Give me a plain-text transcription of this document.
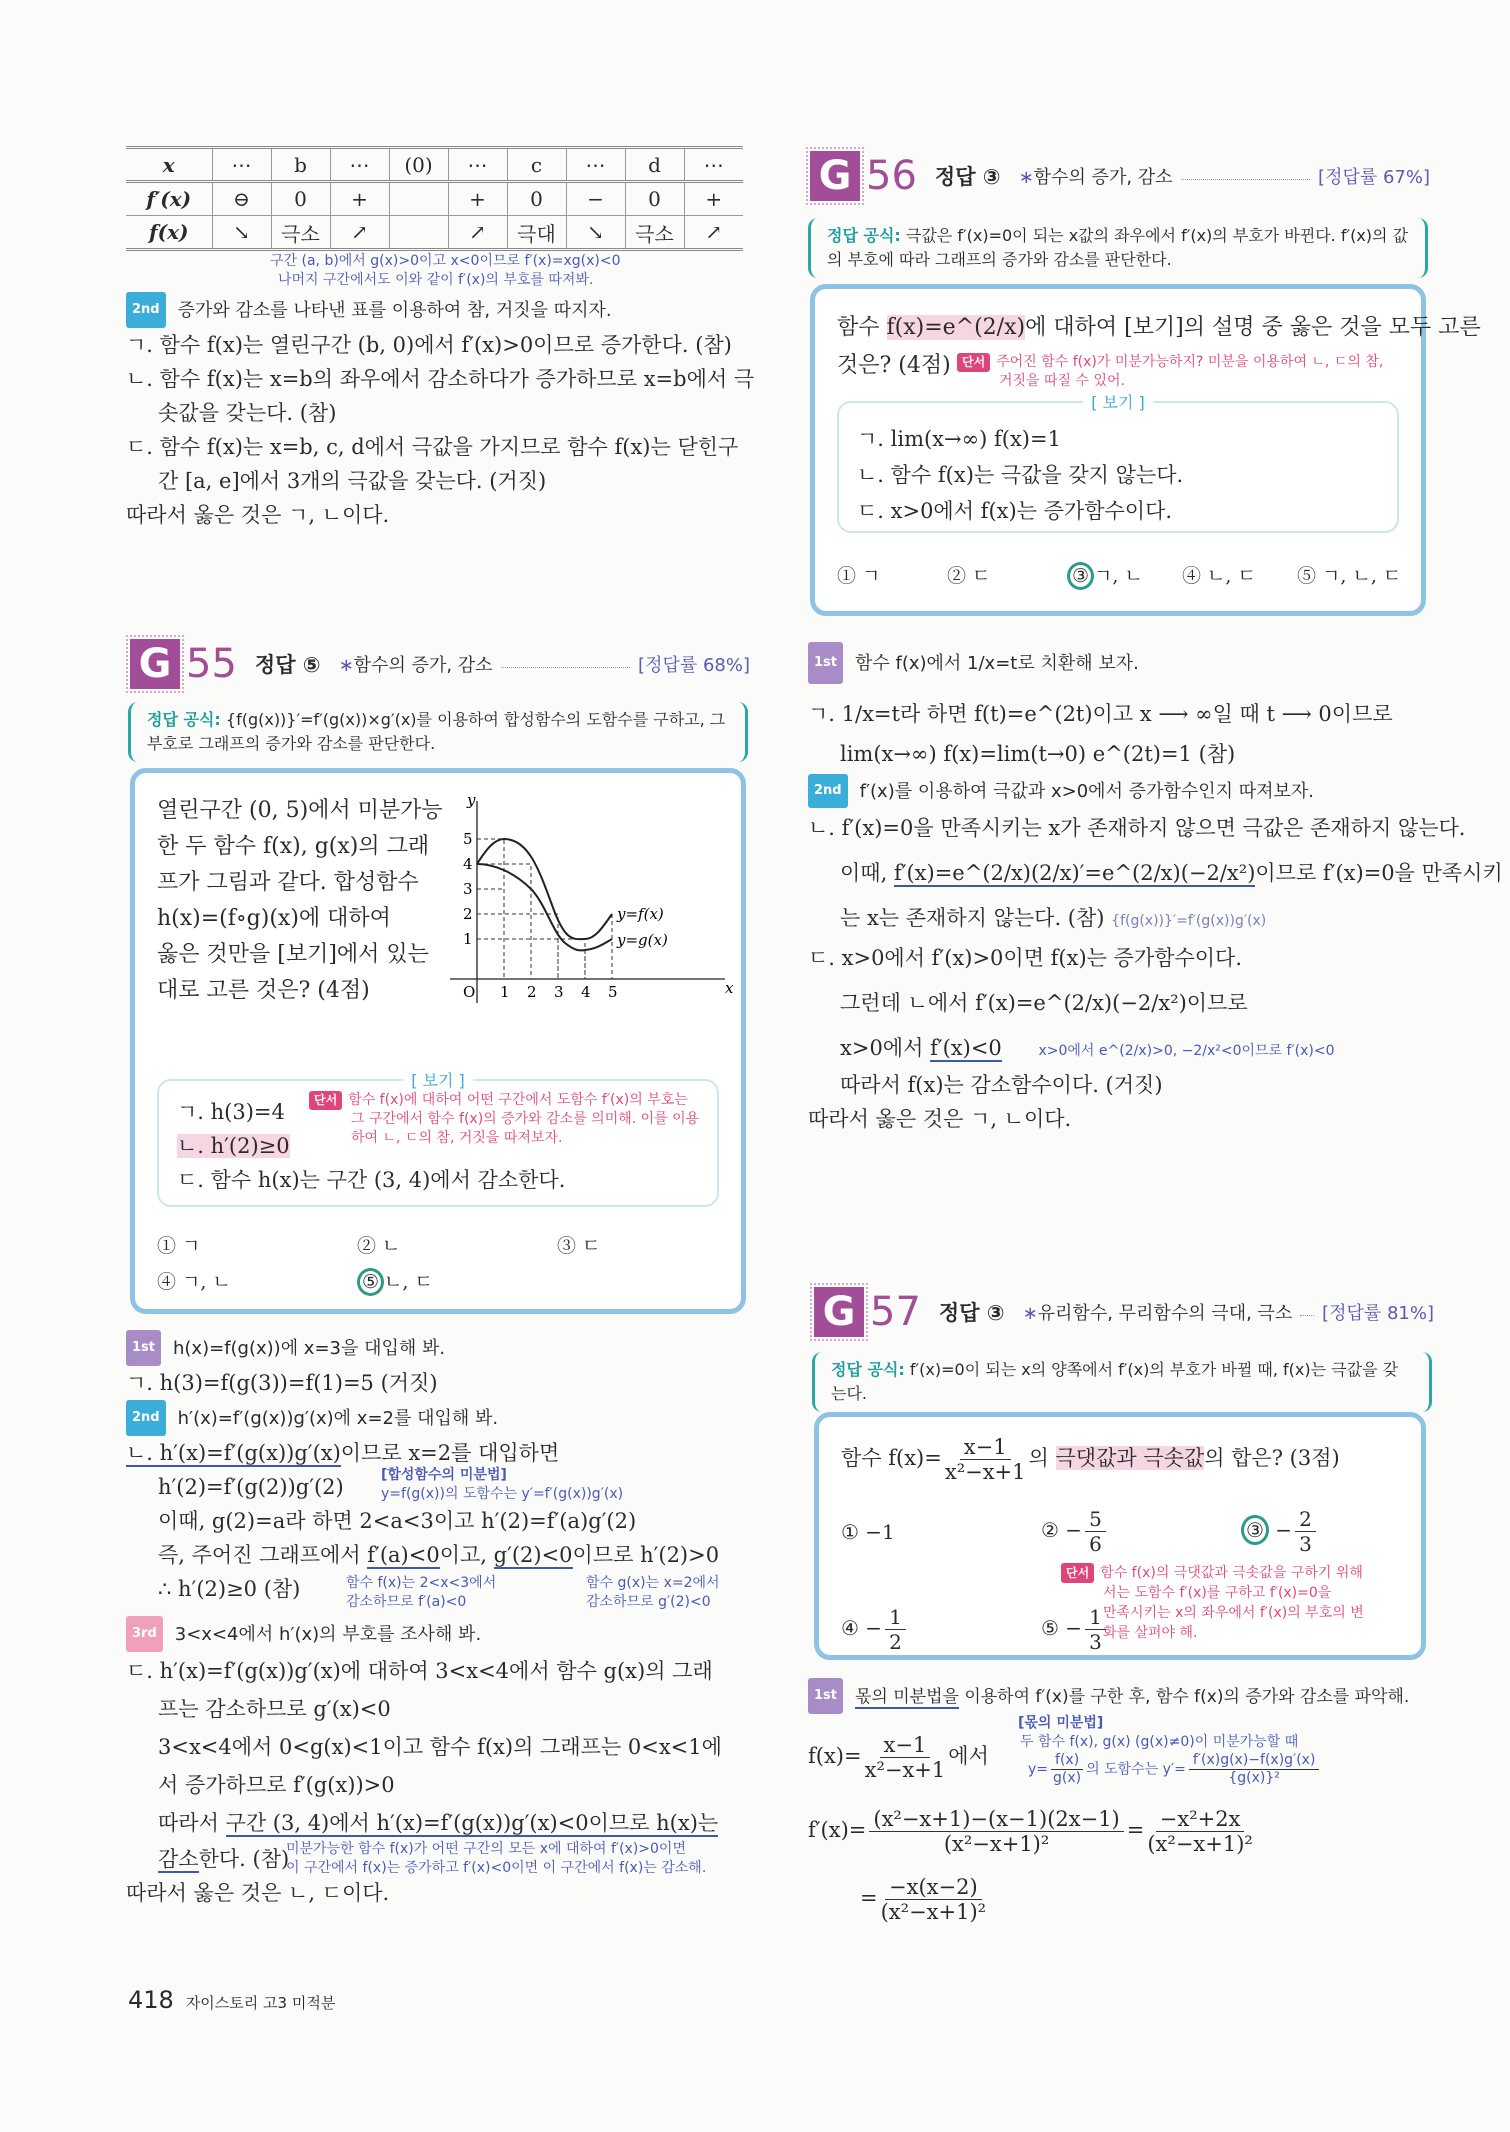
x	⋯	b	⋯	(0)	⋯	c	⋯	d	⋯
f′(x)	⊖	0	+		+	0	−	0	+
f(x)	↘	극소	↗		↗	극대	↘	극소	↗
구간 (a, b)에서 g(x)>0이고 x<0이므로 f′(x)=xg(x)<0
나머지 구간에서도 이와 같이 f′(x)의 부호를 따져봐.
2nd 증가와 감소를 나타낸 표를 이용하여 참, 거짓을 따지자.
ㄱ. 함수 f(x)는 열린구간 (b, 0)에서 f′(x)>0이므로 증가한다. (참)
ㄴ. 함수 f(x)는 x=b의 좌우에서 감소하다가 증가하므로 x=b에서 극
솟값을 갖는다. (참)
ㄷ. 함수 f(x)는 x=b, c, d에서 극값을 가지므로 함수 f(x)는 닫힌구
간 [a, e]에서 3개의 극값을 갖는다. (거짓)
따라서 옳은 것은 ㄱ, ㄴ이다.
G 55 정답 ⑤ ∗함수의 증가, 감소	[정답률 68%]
정답 공식: {f(g(x))}′=f′(g(x))×g′(x)를 이용하여 합성함수의 도함수를 구하고, 그 부호로 그래프의 증가와 감소를 판단한다.
열린구간 (0, 5)에서 미분가능
한 두 함수 f(x), g(x)의 그래
프가 그림과 같다. 합성함수
h(x)=(f∘g)(x)에 대하여
옳은 것만을 [보기]에서 있는
대로 고른 것은? (4점)
y
x
O 1 2 3 4 5
1
2
3
4
5
y=f(x)
y=g(x)
[ 보기 ]
ㄱ. h(3)=4
ㄴ. h′(2)≥0
ㄷ. 함수 h(x)는 구간 (3, 4)에서 감소한다.
단서 함수 f(x)에 대하여 어떤 구간에서 도함수 f′(x)의 부호는
그 구간에서 함수 f(x)의 증가와 감소를 의미해. 이를 이용
하여 ㄴ, ㄷ의 참, 거짓을 따져보자.
① ㄱ	② ㄴ	③ ㄷ
④ ㄱ, ㄴ	⑤ ㄴ, ㄷ
1st h(x)=f(g(x))에 x=3을 대입해 봐.
ㄱ. h(3)=f(g(3))=f(1)=5 (거짓)
2nd h′(x)=f′(g(x))g′(x)에 x=2를 대입해 봐.
ㄴ. h′(x)=f′(g(x))g′(x)이므로 x=2를 대입하면
h′(2)=f′(g(2))g′(2)	[합성함수의 미분법]
y=f(g(x))의 도함수는 y′=f′(g(x))g′(x)
이때, g(2)=a라 하면 2<a<3이고 h′(2)=f′(a)g′(2)
즉, 주어진 그래프에서 f′(a)<0이고, g′(2)<0이므로 h′(2)>0
∴ h′(2)≥0 (참)	함수 f(x)는 2<x<3에서
감소하므로 f′(a)<0
함수 g(x)는 x=2에서
감소하므로 g′(2)<0
3rd 3<x<4에서 h′(x)의 부호를 조사해 봐.
ㄷ. h′(x)=f′(g(x))g′(x)에 대하여 3<x<4에서 함수 g(x)의 그래
프는 감소하므로 g′(x)<0
3<x<4에서 0<g(x)<1이고 함수 f(x)의 그래프는 0<x<1에
서 증가하므로 f′(g(x))>0
따라서 구간 (3, 4)에서 h′(x)=f′(g(x))g′(x)<0이므로 h(x)는
감소한다. (참)
미분가능한 함수 f(x)가 어떤 구간의 모든 x에 대하여 f′(x)>0이면
이 구간에서 f(x)는 증가하고 f′(x)<0이면 이 구간에서 f(x)는 감소해.
따라서 옳은 것은 ㄴ, ㄷ이다.
G 56 정답 ③ ∗함수의 증가, 감소	[정답률 67%]
정답 공식: 극값은 f′(x)=0이 되는 x값의 좌우에서 f′(x)의 부호가 바뀐다. f′(x)의 값의 부호에 따라 그래프의 증가와 감소를 판단한다.
함수 f(x)=e^(2/x)에 대하여 [보기]의 설명 중 옳은 것을 모두 고른
것은? (4점) 단서 주어진 함수 f(x)가 미분가능하지? 미분을 이용하여 ㄴ, ㄷ의 참,
거짓을 따질 수 있어.
[ 보기 ]
ㄱ. lim(x→∞) f(x)=1
ㄴ. 함수 f(x)는 극값을 갖지 않는다.
ㄷ. x>0에서 f(x)는 증가함수이다.
① ㄱ	② ㄷ	③ ㄱ, ㄴ ④ ㄴ, ㄷ ⑤ ㄱ, ㄴ, ㄷ
1st 함수 f(x)에서 1/x=t로 치환해 보자.
ㄱ. 1/x=t라 하면 f(t)=e^(2t)이고 x ⟶ ∞일 때 t ⟶ 0이므로
lim(x→∞) f(x)=lim(t→0) e^(2t)=1 (참)
2nd f′(x)를 이용하여 극값과 x>0에서 증가함수인지 따져보자.
ㄴ. f′(x)=0을 만족시키는 x가 존재하지 않으면 극값은 존재하지 않는다.
이때, f′(x)=e^(2/x)(2/x)′=e^(2/x)(−2/x²)이므로 f′(x)=0을 만족시키
는 x는 존재하지 않는다. (참) {f(g(x))}′=f′(g(x))g′(x)
ㄷ. x>0에서 f′(x)>0이면 f(x)는 증가함수이다.
그런데 ㄴ에서 f′(x)=e^(2/x)(−2/x²)이므로
x>0에서 f′(x)<0	x>0에서 e^(2/x)>0, −2/x²<0이므로 f′(x)<0
따라서 f(x)는 감소함수이다. (거짓)
따라서 옳은 것은 ㄱ, ㄴ이다.
G 57 정답 ③ ∗유리함수, 무리함수의 극대, 극소 [정답률 81%]
정답 공식: f′(x)=0이 되는 x의 양쪽에서 f′(x)의 부호가 바뀔 때, f(x)는 극값을 갖는다.
함수 $f(x)= \frac{x-1}{\text{x²−x+1}}$ 의 극댓값과 극솟값의 합은? (3점)
① −1	② − $\frac{5}{6}$	③ − $\frac{2}{3}$
④ − $\frac{1}{2}$	⑤ − $\frac{1}{3}$
단서 함수 f(x)의 극댓값과 극솟값을 구하기 위해
서는 도함수 f′(x)를 구하고 f′(x)=0을
만족시키는 x의 좌우에서 f′(x)의 부호의 변
화를 살펴야 해.
1st 몫의 미분법을 이용하여 f′(x)를 구한 후, 함수 f(x)의 증가와 감소를 파악해.
[몫의 미분법]
$f(x)= \frac{x-1}{\text{x²−x+1}}$ 에서
두 함수 f(x), g(x) (g(x)≠0)이 미분가능할 때
$y= \frac{f(x)}{g(x)}$ 의 도함수는 $y'= \frac{f'(x)g(x)-f(x)g'(x)}{\text{\{g(x)\}²}}$
$f'(x)= \frac{\text{(x²−x+1)−(x−1)(2x−1)}}{\text{(x²−x+1)²}} = \frac{\text{−x²+2x}}{\text{(x²−x+1)²}}$
= $\frac{-x(x-2)}{\text{(x²−x+1)²}}$
418 자이스토리 고3 미적분
